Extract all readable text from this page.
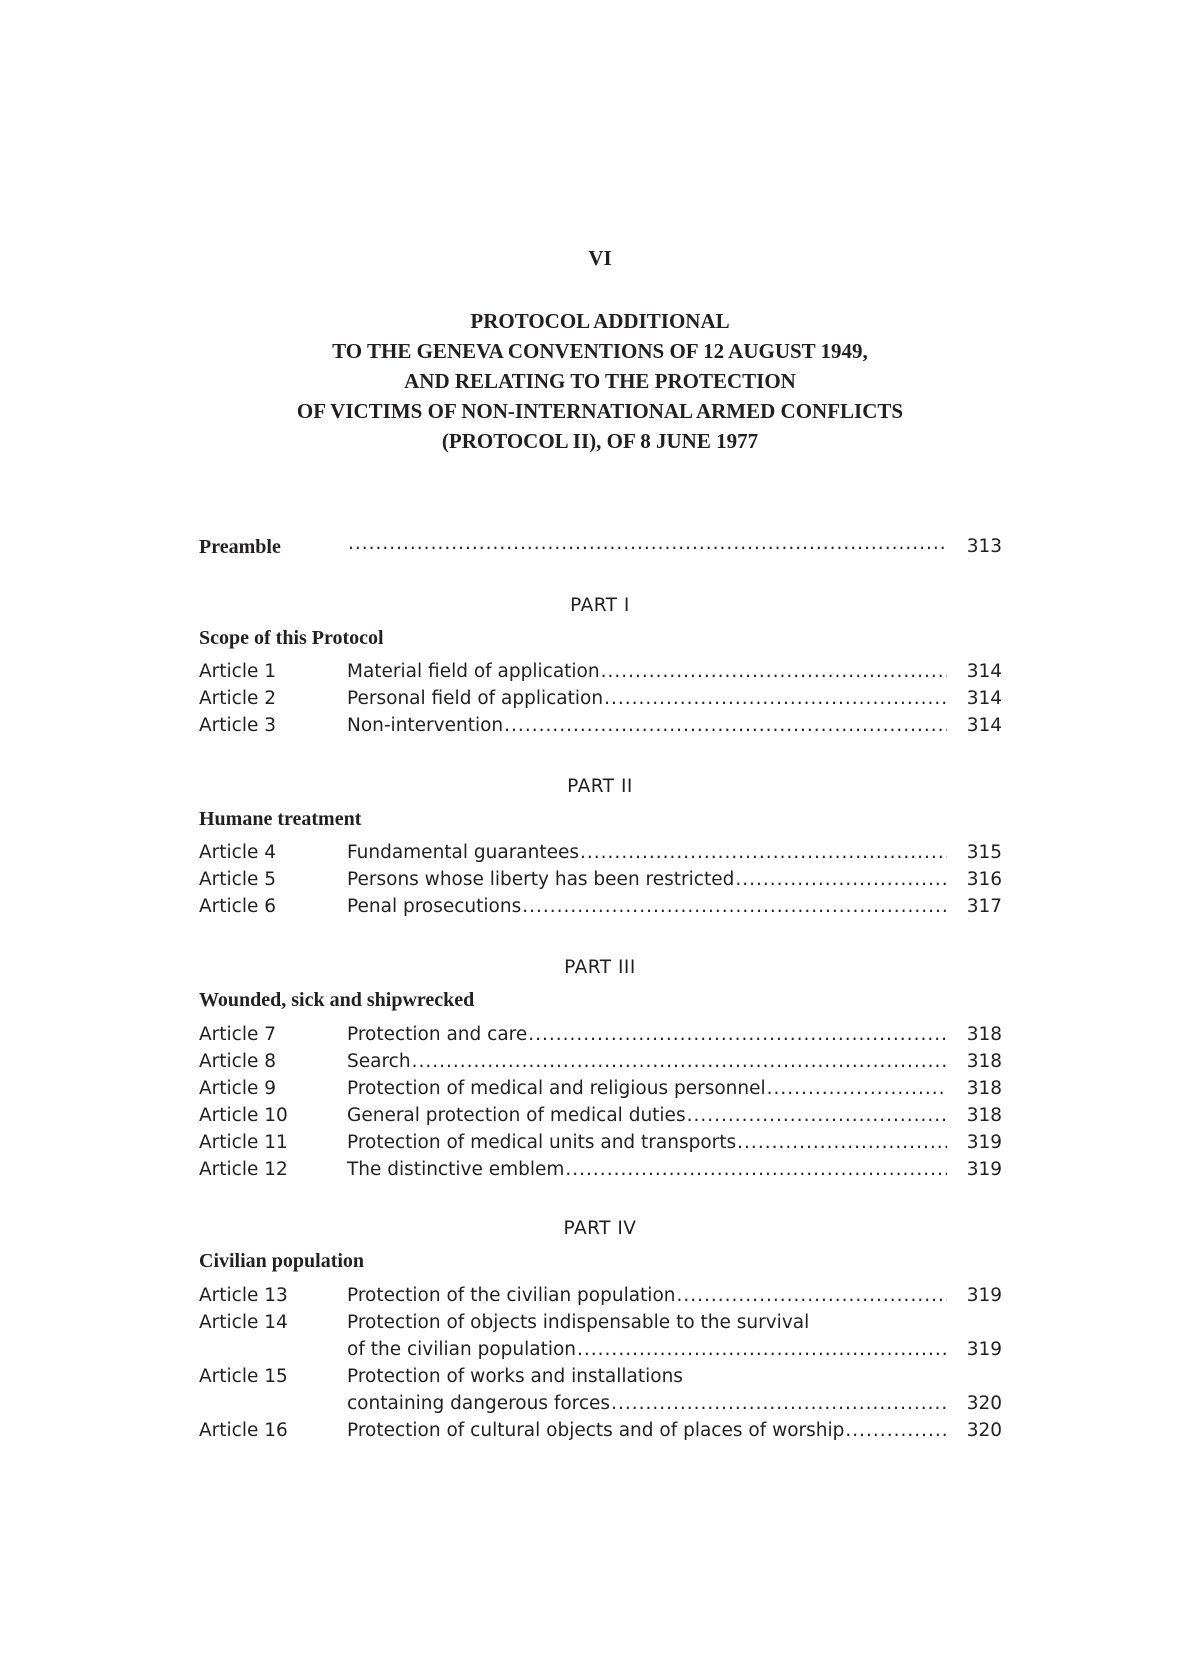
VI
PROTOCOL ADDITIONAL
TO THE GENEVA CONVENTIONS OF 12 AUGUST 1949,
AND RELATING TO THE PROTECTION
OF VICTIMS OF NON-INTERNATIONAL ARMED CONFLICTS
(PROTOCOL II), OF 8 JUNE 1977
Preamble .....	313
PART I
Scope of this Protocol
Article 1	Material field of application .....	314
Article 2	Personal field of application .....	314
Article 3	Non-intervention .....	314
PART II
Humane treatment
Article 4	Fundamental guarantees .....	315
Article 5	Persons whose liberty has been restricted .....	316
Article 6	Penal prosecutions .....	317
PART III
Wounded, sick and shipwrecked
Article 7	Protection and care .....	318
Article 8	Search .....	318
Article 9	Protection of medical and religious personnel .....	318
Article 10	General protection of medical duties .....	318
Article 11	Protection of medical units and transports .....	319
Article 12	The distinctive emblem .....	319
PART IV
Civilian population
Article 13	Protection of the civilian population .....	319
Article 14	Protection of objects indispensable to the survival
of the civilian population .....	319
Article 15	Protection of works and installations
containing dangerous forces .....	320
Article 16	Protection of cultural objects and of places of worship .....	320
